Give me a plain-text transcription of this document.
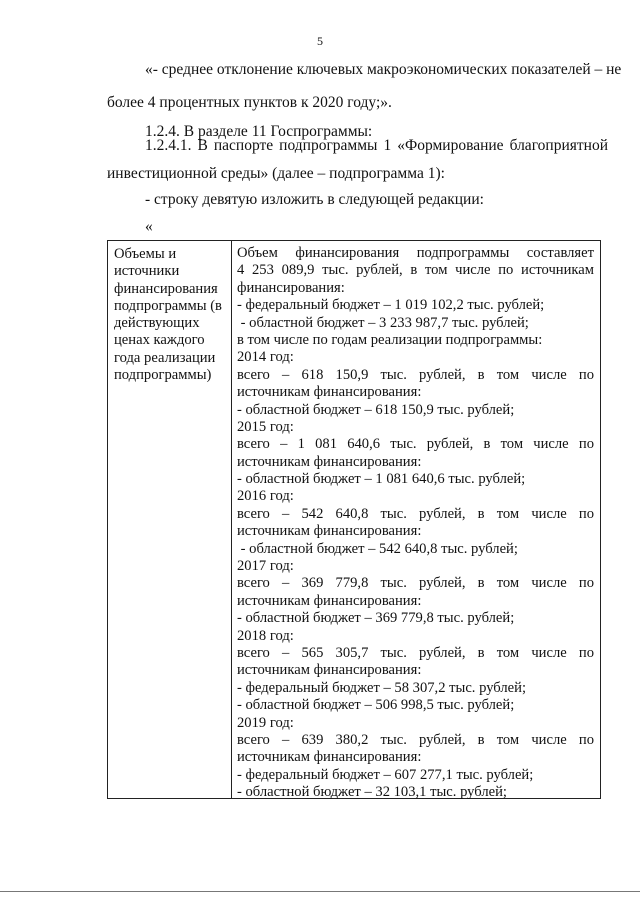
5
«- среднее отклонение ключевых макроэкономических показателей – не
более 4 процентных пунктов к 2020 году;».
1.2.4. В разделе 11 Госпрограммы:
1.2.4.1. В паспорте подпрограммы 1 «Формирование благоприятной
инвестиционной среды» (далее – подпрограмма 1):
- строку девятую изложить в следующей редакции:
«
Объемы и
источники
финансирования
подпрограммы (в
действующих
ценах каждого
года реализации
подпрограммы)
Объем финансирования подпрограммы составляет
4 253 089,9 тыс. рублей, в том числе по источникам
финансирования:
- федеральный бюджет – 1 019 102,2 тыс. рублей;
- областной бюджет – 3 233 987,7 тыс. рублей;
в том числе по годам реализации подпрограммы:
2014 год:
всего – 618 150,9 тыс. рублей, в том числе по
источникам финансирования:
- областной бюджет – 618 150,9 тыс. рублей;
2015 год:
всего – 1 081 640,6 тыс. рублей, в том числе по
источникам финансирования:
- областной бюджет – 1 081 640,6 тыс. рублей;
2016 год:
всего – 542 640,8 тыс. рублей, в том числе по
источникам финансирования:
- областной бюджет – 542 640,8 тыс. рублей;
2017 год:
всего – 369 779,8 тыс. рублей, в том числе по
источникам финансирования:
- областной бюджет – 369 779,8 тыс. рублей;
2018 год:
всего – 565 305,7 тыс. рублей, в том числе по
источникам финансирования:
- федеральный бюджет – 58 307,2 тыс. рублей;
- областной бюджет – 506 998,5 тыс. рублей;
2019 год:
всего – 639 380,2 тыс. рублей, в том числе по
источникам финансирования:
- федеральный бюджет – 607 277,1 тыс. рублей;
- областной бюджет – 32 103,1 тыс. рублей;
